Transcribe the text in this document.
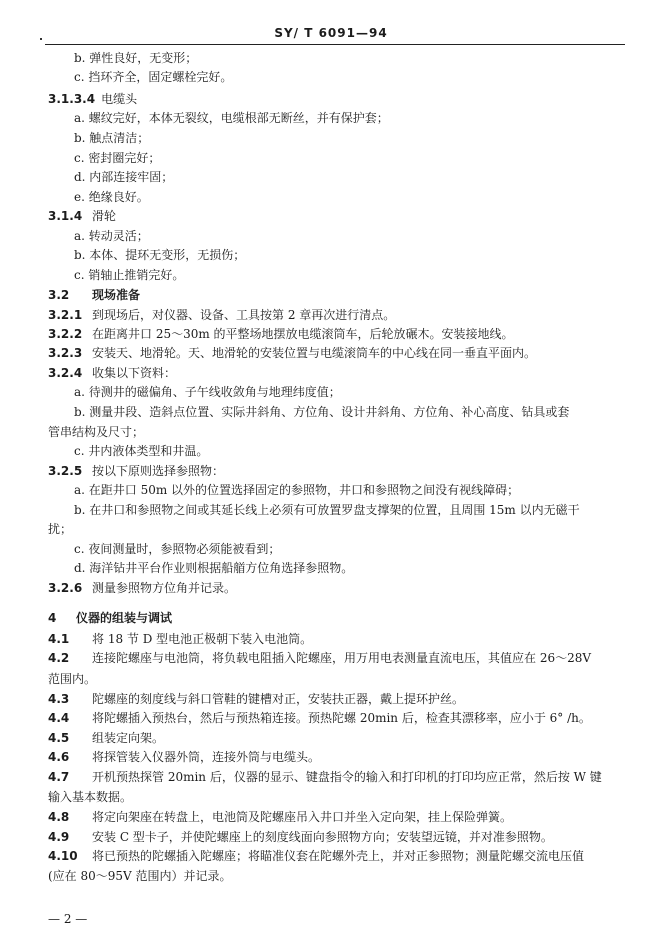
SY/ T 6091—94
b. 弹性良好，无变形；
c. 挡环齐全，固定螺栓完好。
3.1.3.4 电缆头
a. 螺纹完好，本体无裂纹，电缆根部无断丝，并有保护套；
b. 触点清洁；
c. 密封圈完好；
d. 内部连接牢固；
e. 绝缘良好。
3.1.4 滑轮
a. 转动灵活；
b. 本体、提环无变形，无损伤；
c. 销轴止推销完好。
3.2 现场准备
3.2.1 到现场后，对仪器、设备、工具按第 2 章再次进行清点。
3.2.2 在距离井口 25～30m 的平整场地摆放电缆滚筒车，后轮放碾木。安装接地线。
3.2.3 安装天、地滑轮。天、地滑轮的安装位置与电缆滚筒车的中心线在同一垂直平面内。
3.2.4 收集以下资料：
a. 待测井的磁偏角、子午线收敛角与地理纬度值；
b. 测量井段、造斜点位置、实际井斜角、方位角、设计井斜角、方位角、补心高度、钻具或套
管串结构及尺寸；
c. 井内液体类型和井温。
3.2.5 按以下原则选择参照物：
a. 在距井口 50m 以外的位置选择固定的参照物，井口和参照物之间没有视线障碍；
b. 在井口和参照物之间或其延长线上必须有可放置罗盘支撑架的位置，且周围 15m 以内无磁干
扰；
c. 夜间测量时，参照物必须能被看到；
d. 海洋钻井平台作业则根据船艏方位角选择参照物。
3.2.6 测量参照物方位角并记录。
4 仪器的组装与调试
4.1 将 18 节 D 型电池正极朝下装入电池筒。
4.2 连接陀螺座与电池筒，将负载电阻插入陀螺座，用万用电表测量直流电压，其值应在 26～28V
范围内。
4.3 陀螺座的刻度线与斜口管鞋的键槽对正，安装扶正器，戴上提环护丝。
4.4 将陀螺插入预热台，然后与预热箱连接。预热陀螺 20min 后，检查其漂移率，应小于 6° /h。
4.5 组装定向架。
4.6 将探管装入仪器外筒，连接外筒与电缆头。
4.7 开机预热探管 20min 后，仪器的显示、键盘指令的输入和打印机的打印均应正常，然后按 W 键
输入基本数据。
4.8 将定向架座在转盘上，电池筒及陀螺座吊入井口并坐入定向架，挂上保险弹簧。
4.9 安装 C 型卡子，并使陀螺座上的刻度线面向参照物方向；安装望远镜，并对准参照物。
4.10 将已预热的陀螺插入陀螺座；将瞄准仪套在陀螺外壳上，并对正参照物；测量陀螺交流电压值
(应在 80～95V 范围内）并记录。
— 2 —
